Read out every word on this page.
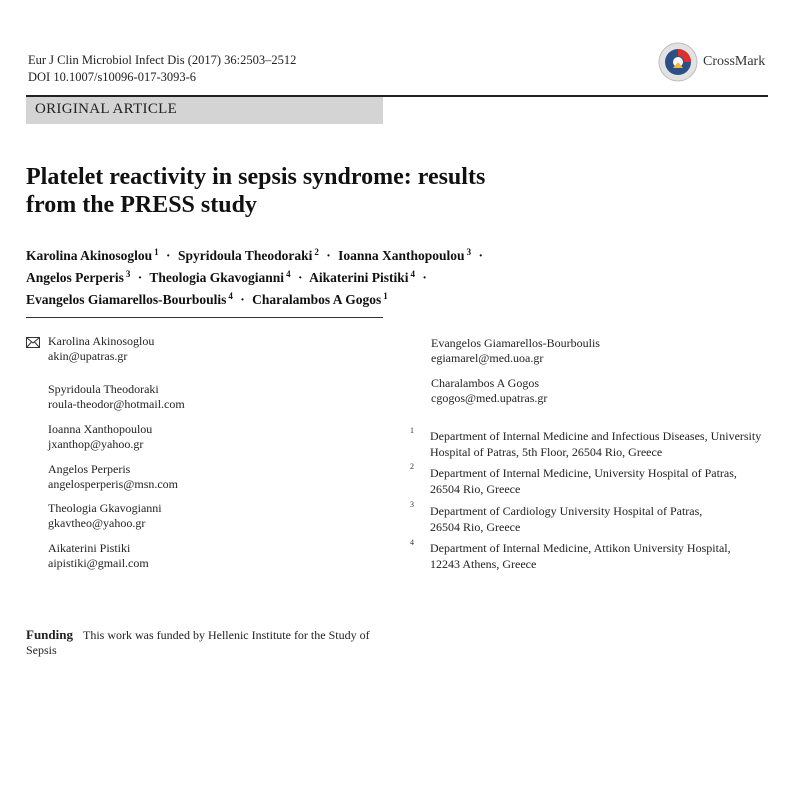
Eur J Clin Microbiol Infect Dis (2017) 36:2503–2512
DOI 10.1007/s10096-017-3093-6
CrossMark
ORIGINAL ARTICLE
Platelet reactivity in sepsis syndrome: results
from the PRESS study
Karolina Akinosoglou $^1$ · Spyridoula Theodoraki $^2$ · Ioanna Xanthopoulou $^3$ ·
Angelos Perperis $^3$ · Theologia Gkavogianni $^4$ · Aikaterini Pistiki $^4$ ·
Evangelos Giamarellos-Bourboulis $^4$ · Charalambos A Gogos $^1$
Karolina Akinosoglou
akin@upatras.gr
Spyridoula Theodoraki
roula-theodor@hotmail.com
Ioanna Xanthopoulou
jxanthop@yahoo.gr
Angelos Perperis
angelosperperis@msn.com
Theologia Gkavogianni
gkavtheo@yahoo.gr
Aikaterini Pistiki
aipistiki@gmail.com
Evangelos Giamarellos-Bourboulis
egiamarel@med.uoa.gr
Charalambos A Gogos
cgogos@med.upatras.gr
1 Department of Internal Medicine and Infectious Diseases, University
Hospital of Patras, 5th Floor, 26504 Rio, Greece
2 Department of Internal Medicine, University Hospital of Patras,
26504 Rio, Greece
3 Department of Cardiology University Hospital of Patras,
26504 Rio, Greece
4 Department of Internal Medicine, Attikon University Hospital,
12243 Athens, Greece
Funding This work was funded by Hellenic Institute for the Study of
Sepsis
